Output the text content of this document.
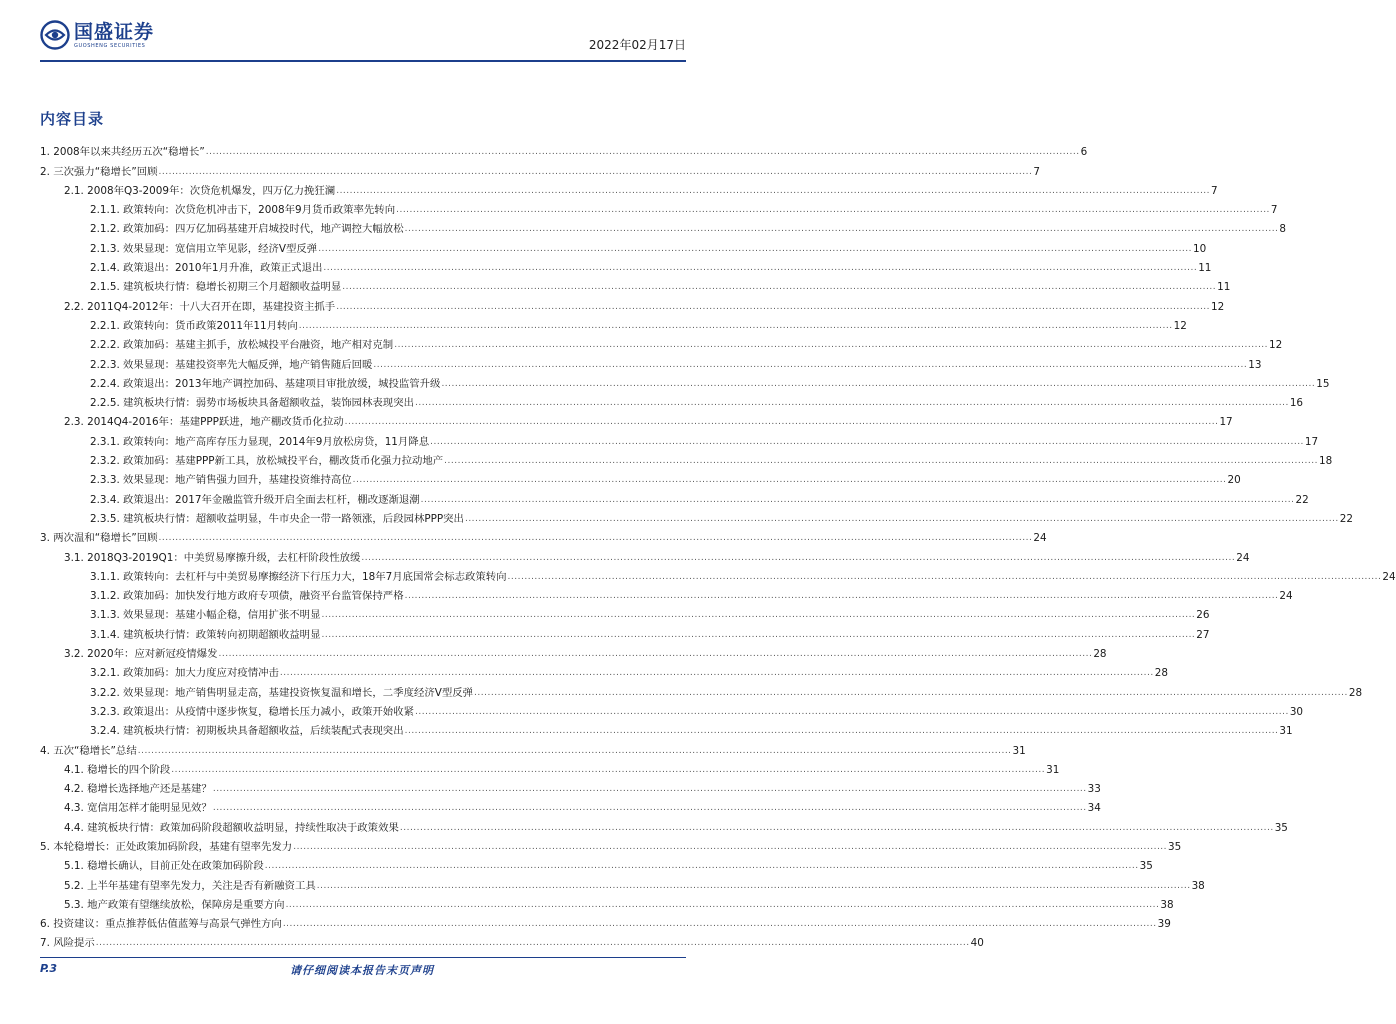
国盛证券
GUOSHENG SECURITIES	2022年02月17日
内容目录
1. 2008年以来共经历五次“稳增长” .................................................................................................................................................................................................................................................................... 6
2. 三次强力“稳增长”回顾 .................................................................................................................................................................................................................................................................... 7
2.1. 2008年Q3-2009年：次贷危机爆发，四万亿力挽狂澜 .................................................................................................................................................................................................................................................................... 7
2.1.1. 政策转向：次贷危机冲击下，2008年9月货币政策率先转向 .................................................................................................................................................................................................................................................................... 7
2.1.2. 政策加码：四万亿加码基建开启城投时代，地产调控大幅放松 .................................................................................................................................................................................................................................................................... 8
2.1.3. 效果显现：宽信用立竿见影，经济V型反弹 .................................................................................................................................................................................................................................................................... 10
2.1.4. 政策退出：2010年1月升准，政策正式退出 .................................................................................................................................................................................................................................................................... 11
2.1.5. 建筑板块行情：稳增长初期三个月超额收益明显 .................................................................................................................................................................................................................................................................... 11
2.2. 2011Q4-2012年：十八大召开在即，基建投资主抓手 .................................................................................................................................................................................................................................................................... 12
2.2.1. 政策转向：货币政策2011年11月转向 .................................................................................................................................................................................................................................................................... 12
2.2.2. 政策加码：基建主抓手，放松城投平台融资，地产相对克制 .................................................................................................................................................................................................................................................................... 12
2.2.3. 效果显现：基建投资率先大幅反弹，地产销售随后回暖 .................................................................................................................................................................................................................................................................... 13
2.2.4. 政策退出：2013年地产调控加码、基建项目审批放缓，城投监管升级 .................................................................................................................................................................................................................................................................... 15
2.2.5. 建筑板块行情：弱势市场板块具备超额收益，装饰园林表现突出 .................................................................................................................................................................................................................................................................... 16
2.3. 2014Q4-2016年：基建PPP跃进，地产棚改货币化拉动 .................................................................................................................................................................................................................................................................... 17
2.3.1. 政策转向：地产高库存压力显现，2014年9月放松房贷，11月降息 .................................................................................................................................................................................................................................................................... 17
2.3.2. 政策加码：基建PPP新工具，放松城投平台，棚改货币化强力拉动地产 .................................................................................................................................................................................................................................................................... 18
2.3.3. 效果显现：地产销售强力回升，基建投资维持高位 .................................................................................................................................................................................................................................................................... 20
2.3.4. 政策退出：2017年金融监管升级开启全面去杠杆，棚改逐渐退潮 .................................................................................................................................................................................................................................................................... 22
2.3.5. 建筑板块行情：超额收益明显，牛市央企一带一路领涨，后段园林PPP突出 .................................................................................................................................................................................................................................................................... 22
3. 两次温和“稳增长”回顾 .................................................................................................................................................................................................................................................................... 24
3.1. 2018Q3-2019Q1：中美贸易摩擦升级，去杠杆阶段性放缓 .................................................................................................................................................................................................................................................................... 24
3.1.1. 政策转向：去杠杆与中美贸易摩擦经济下行压力大，18年7月底国常会标志政策转向 .................................................................................................................................................................................................................................................................... 24
3.1.2. 政策加码：加快发行地方政府专项债，融资平台监管保持严格 .................................................................................................................................................................................................................................................................... 24
3.1.3. 效果显现：基建小幅企稳，信用扩张不明显 .................................................................................................................................................................................................................................................................... 26
3.1.4. 建筑板块行情：政策转向初期超额收益明显 .................................................................................................................................................................................................................................................................... 27
3.2. 2020年：应对新冠疫情爆发 .................................................................................................................................................................................................................................................................... 28
3.2.1. 政策加码：加大力度应对疫情冲击 .................................................................................................................................................................................................................................................................... 28
3.2.2. 效果显现：地产销售明显走高，基建投资恢复温和增长，二季度经济V型反弹 .................................................................................................................................................................................................................................................................... 28
3.2.3. 政策退出：从疫情中逐步恢复，稳增长压力减小，政策开始收紧 .................................................................................................................................................................................................................................................................... 30
3.2.4. 建筑板块行情：初期板块具备超额收益，后续装配式表现突出 .................................................................................................................................................................................................................................................................... 31
4. 五次“稳增长”总结 .................................................................................................................................................................................................................................................................... 31
4.1. 稳增长的四个阶段 .................................................................................................................................................................................................................................................................... 31
4.2. 稳增长选择地产还是基建？ .................................................................................................................................................................................................................................................................... 33
4.3. 宽信用怎样才能明显见效？ .................................................................................................................................................................................................................................................................... 34
4.4. 建筑板块行情：政策加码阶段超额收益明显，持续性取决于政策效果 .................................................................................................................................................................................................................................................................... 35
5. 本轮稳增长：正处政策加码阶段，基建有望率先发力 .................................................................................................................................................................................................................................................................... 35
5.1. 稳增长确认，目前正处在政策加码阶段 .................................................................................................................................................................................................................................................................... 35
5.2. 上半年基建有望率先发力，关注是否有新融资工具 .................................................................................................................................................................................................................................................................... 38
5.3. 地产政策有望继续放松，保障房是重要方向 .................................................................................................................................................................................................................................................................... 38
6. 投资建议：重点推荐低估值蓝筹与高景气弹性方向 .................................................................................................................................................................................................................................................................... 39
7. 风险提示 .................................................................................................................................................................................................................................................................... 40
P.3	请仔细阅读本报告末页声明
